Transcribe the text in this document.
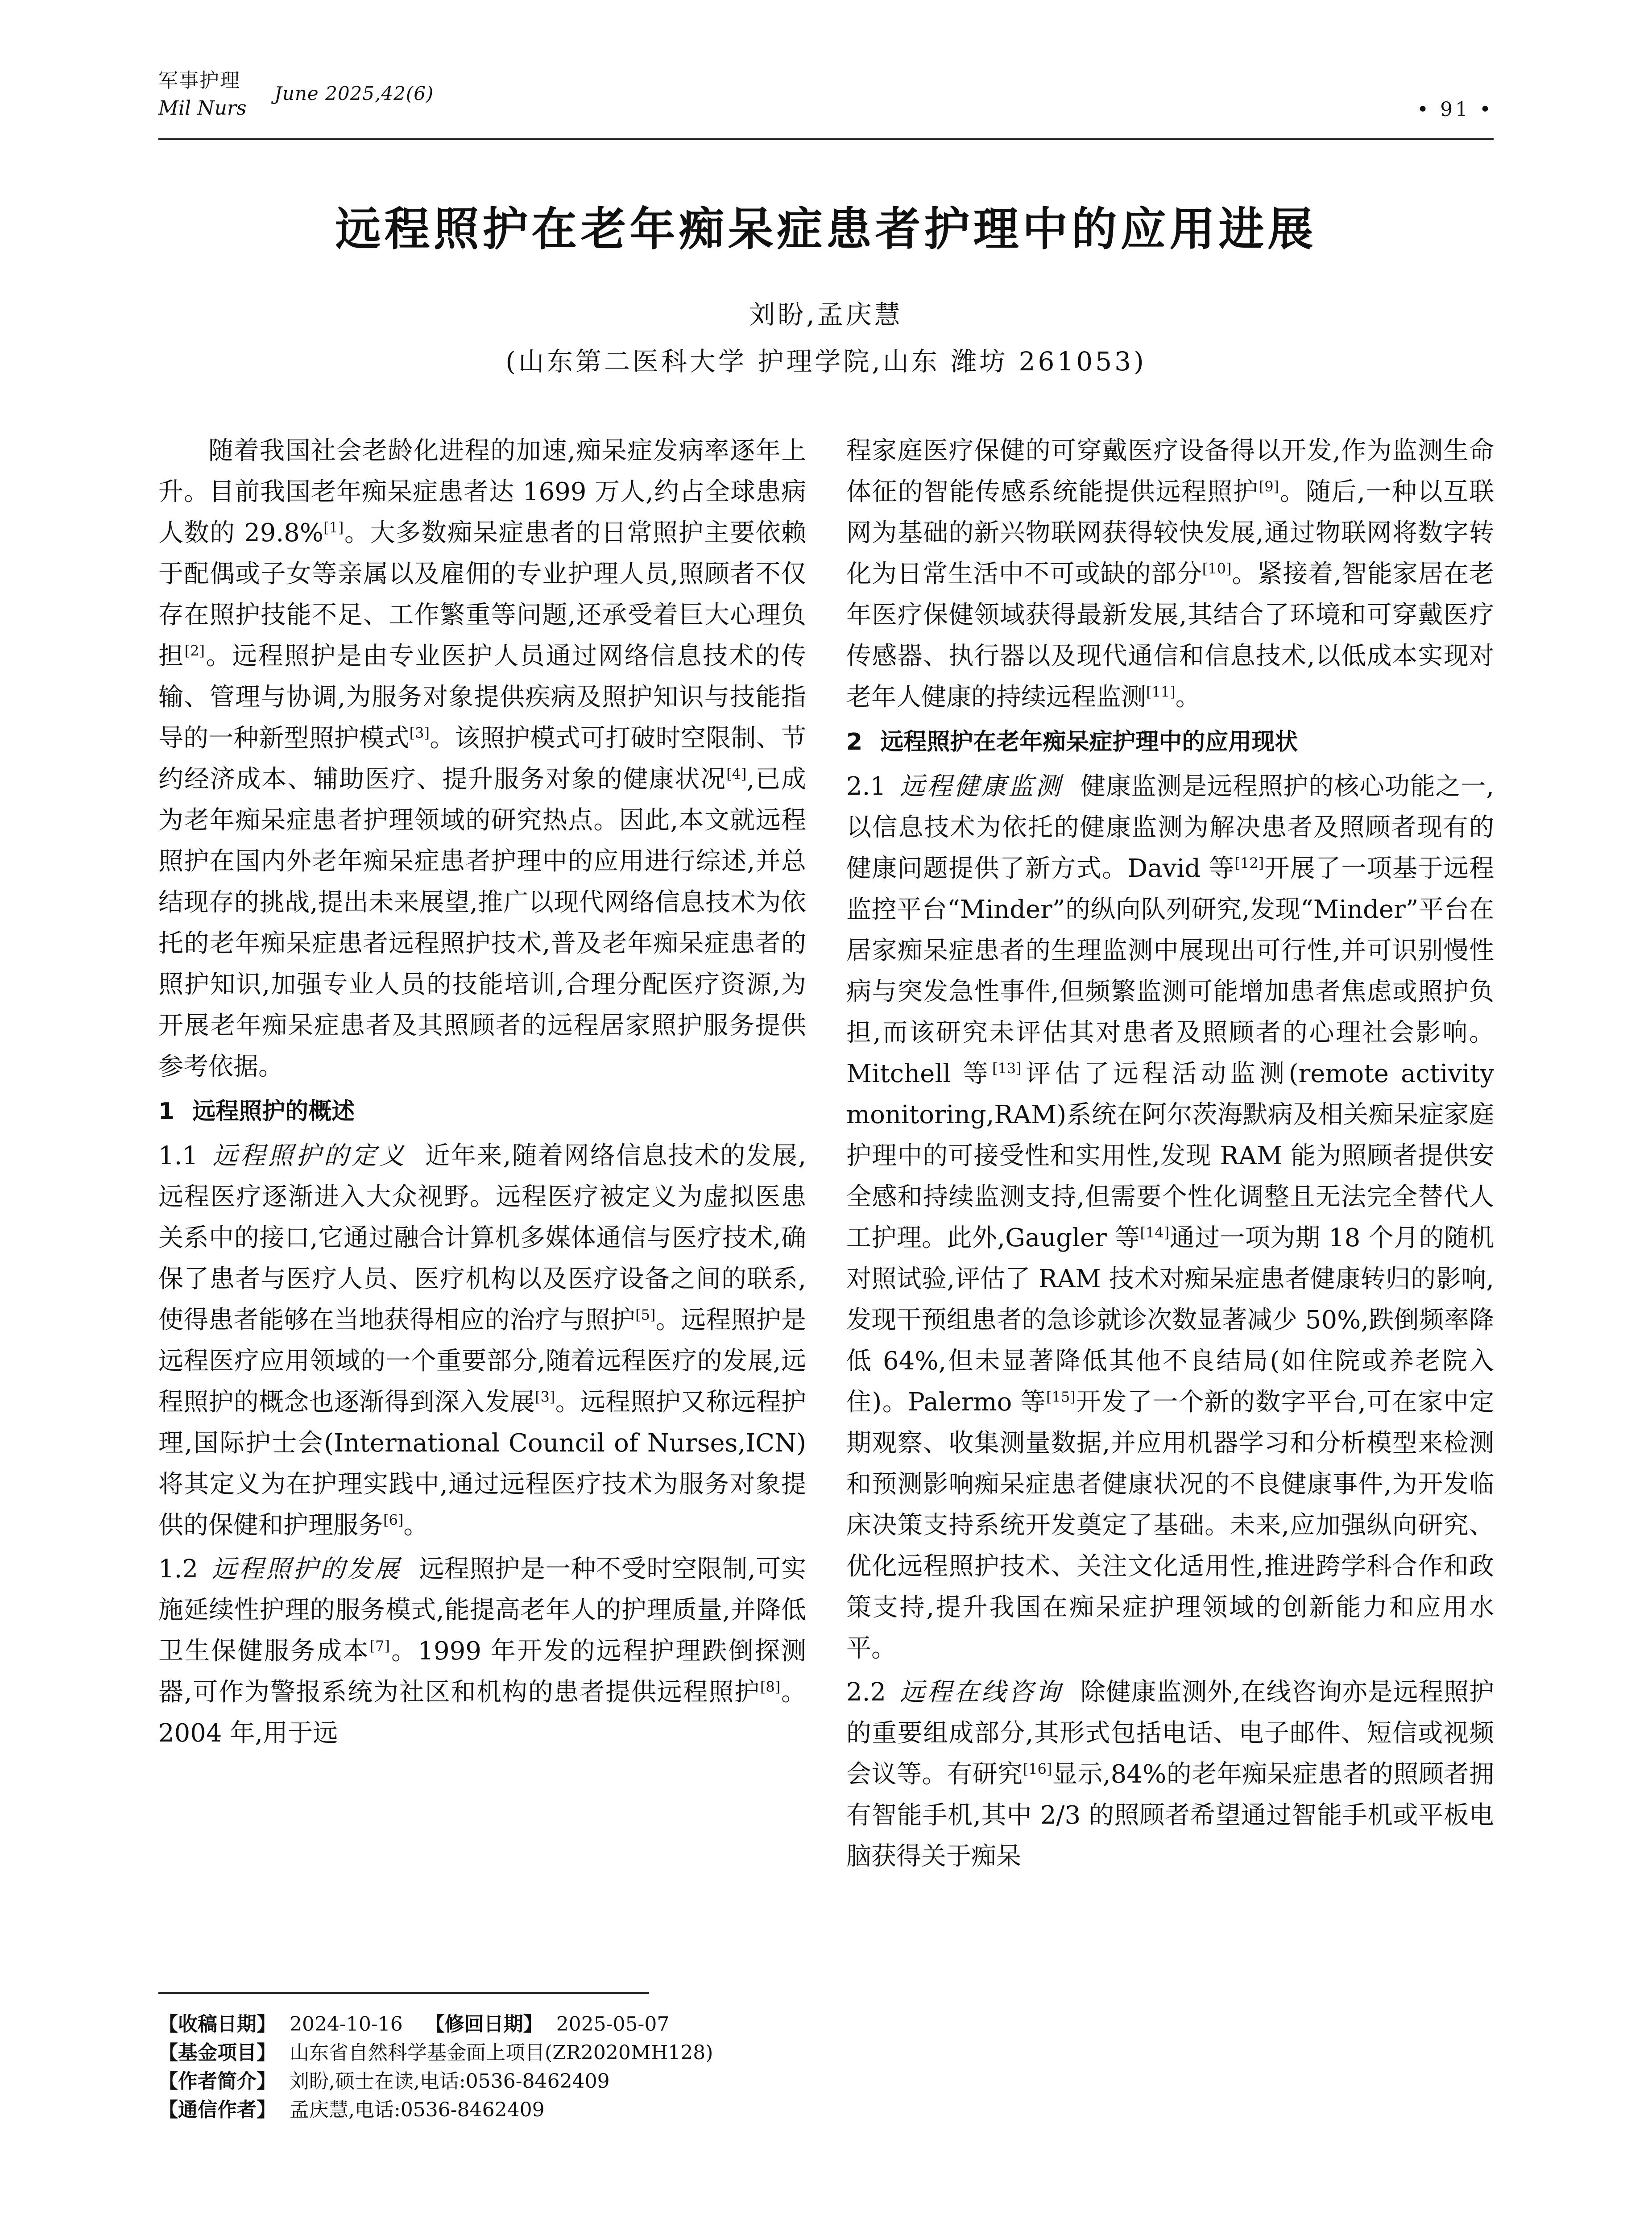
军事护理
Mil Nurs
June 2025,42(6)
• 91 •
远程照护在老年痴呆症患者护理中的应用进展
刘盼,孟庆慧
(山东第二医科大学 护理学院,山东 潍坊 261053)

随着我国社会老龄化进程的加速,痴呆症发病率逐年上升。目前我国老年痴呆症患者达 1699 万人,约占全球患病人数的 29.8%[1]。大多数痴呆症患者的日常照护主要依赖于配偶或子女等亲属以及雇佣的专业护理人员,照顾者不仅存在照护技能不足、工作繁重等问题,还承受着巨大心理负担[2]。远程照护是由专业医护人员通过网络信息技术的传输、管理与协调,为服务对象提供疾病及照护知识与技能指导的一种新型照护模式[3]。该照护模式可打破时空限制、节约经济成本、辅助医疗、提升服务对象的健康状况[4],已成为老年痴呆症患者护理领域的研究热点。因此,本文就远程照护在国内外老年痴呆症患者护理中的应用进行综述,并总结现存的挑战,提出未来展望,推广以现代网络信息技术为依托的老年痴呆症患者远程照护技术,普及老年痴呆症患者的照护知识,加强专业人员的技能培训,合理分配医疗资源,为开展老年痴呆症患者及其照顾者的远程居家照护服务提供参考依据。

1 远程照护的概述

1.1 远程照护的定义 近年来,随着网络信息技术的发展,远程医疗逐渐进入大众视野。远程医疗被定义为虚拟医患关系中的接口,它通过融合计算机多媒体通信与医疗技术,确保了患者与医疗人员、医疗机构以及医疗设备之间的联系,使得患者能够在当地获得相应的治疗与照护[5]。远程照护是远程医疗应用领域的一个重要部分,随着远程医疗的发展,远程照护的概念也逐渐得到深入发展[3]。远程照护又称远程护理,国际护士会(International Council of Nurses,ICN)将其定义为在护理实践中,通过远程医疗技术为服务对象提供的保健和护理服务[6]。

1.2 远程照护的发展 远程照护是一种不受时空限制,可实施延续性护理的服务模式,能提高老年人的护理质量,并降低卫生保健服务成本[7]。1999 年开发的远程护理跌倒探测器,可作为警报系统为社区和机构的患者提供远程照护[8]。2004 年,用于远

程家庭医疗保健的可穿戴医疗设备得以开发,作为监测生命体征的智能传感系统能提供远程照护[9]。随后,一种以互联网为基础的新兴物联网获得较快发展,通过物联网将数字转化为日常生活中不可或缺的部分[10]。紧接着,智能家居在老年医疗保健领域获得最新发展,其结合了环境和可穿戴医疗传感器、执行器以及现代通信和信息技术,以低成本实现对老年人健康的持续远程监测[11]。

2 远程照护在老年痴呆症护理中的应用现状

2.1 远程健康监测 健康监测是远程照护的核心功能之一,以信息技术为依托的健康监测为解决患者及照顾者现有的健康问题提供了新方式。David 等[12]开展了一项基于远程监控平台“Minder”的纵向队列研究,发现“Minder”平台在居家痴呆症患者的生理监测中展现出可行性,并可识别慢性病与突发急性事件,但频繁监测可能增加患者焦虑或照护负担,而该研究未评估其对患者及照顾者的心理社会影响。Mitchell 等[13]评估了远程活动监测(remote activity monitoring,RAM)系统在阿尔茨海默病及相关痴呆症家庭护理中的可接受性和实用性,发现 RAM 能为照顾者提供安全感和持续监测支持,但需要个性化调整且无法完全替代人工护理。此外,Gaugler 等[14]通过一项为期 18 个月的随机对照试验,评估了 RAM 技术对痴呆症患者健康转归的影响,发现干预组患者的急诊就诊次数显著减少 50%,跌倒频率降低 64%,但未显著降低其他不良结局(如住院或养老院入住)。Palermo 等[15]开发了一个新的数字平台,可在家中定期观察、收集测量数据,并应用机器学习和分析模型来检测和预测影响痴呆症患者健康状况的不良健康事件,为开发临床决策支持系统开发奠定了基础。未来,应加强纵向研究、优化远程照护技术、关注文化适用性,推进跨学科合作和政策支持,提升我国在痴呆症护理领域的创新能力和应用水平。

2.2 远程在线咨询 除健康监测外,在线咨询亦是远程照护的重要组成部分,其形式包括电话、电子邮件、短信或视频会议等。有研究[16]显示,84%的老年痴呆症患者的照顾者拥有智能手机,其中 2/3 的照顾者希望通过智能手机或平板电脑获得关于痴呆

【收稿日期】 2024-10-16 【修回日期】 2025-05-07
【基金项目】 山东省自然科学基金面上项目(ZR2020MH128)
【作者简介】 刘盼,硕士在读,电话:0536-8462409
【通信作者】 孟庆慧,电话:0536-8462409
